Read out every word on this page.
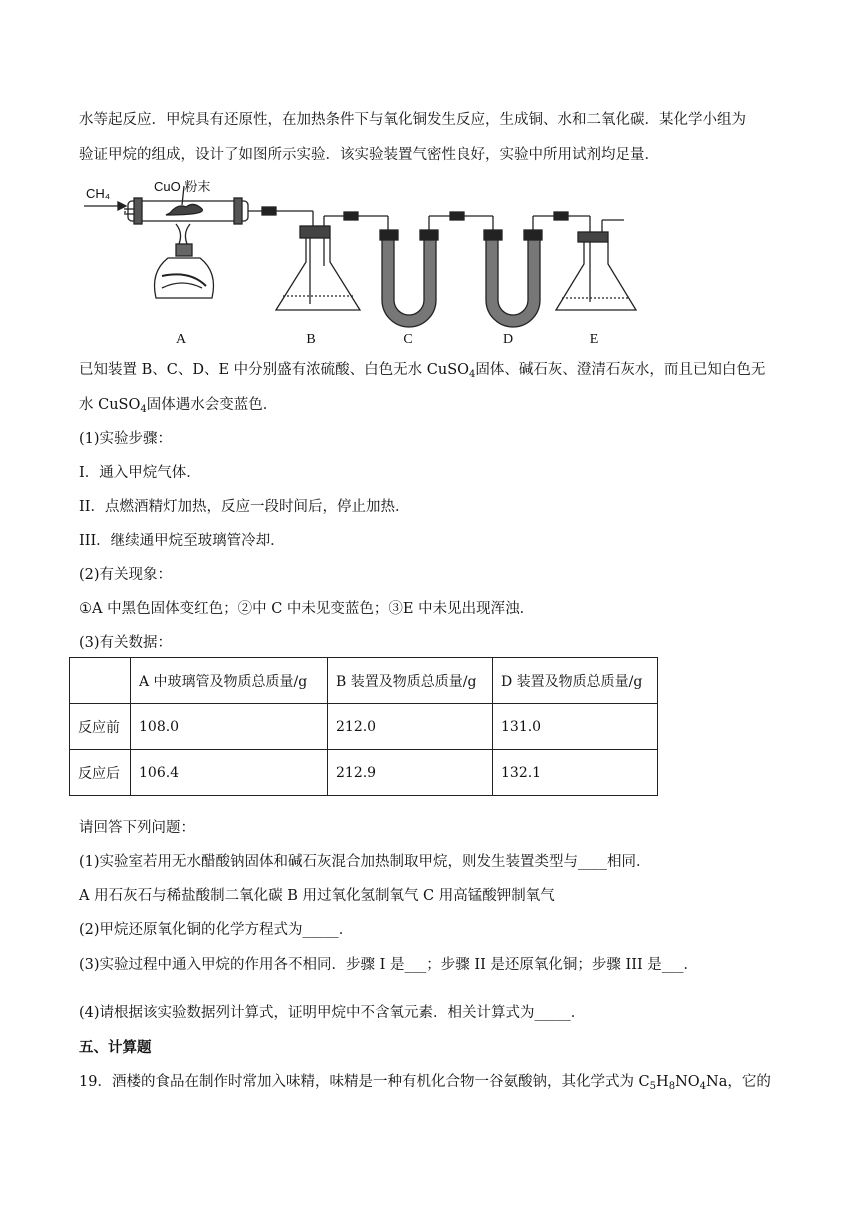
水等起反应．甲烷具有还原性，在加热条件下与氧化铜发生反应，生成铜、水和二氧化碳．某化学小组为
验证甲烷的组成，设计了如图所示实验．该实验装置气密性良好，实验中所用试剂均足量．
CH₄	CuO 粉末
A	B	C	D	E
已知装置 B、C、D、E 中分别盛有浓硫酸、白色无水 CuSO$_4$固体、碱石灰、澄清石灰水，而且已知白色无
水 CuSO$_4$固体遇水会变蓝色．
(1)实验步骤：
I．通入甲烷气体．
II．点燃酒精灯加热，反应一段时间后，停止加热．
III．继续通甲烷至玻璃管冷却．
(2)有关现象：
①A 中黑色固体变红色；②中 C 中未见变蓝色；③E 中未见出现浑浊．
(3)有关数据：
	A 中玻璃管及物质总质量/g	B 装置及物质总质量/g	D 装置及物质总质量/g
反应前	108.0	212.0	131.0
反应后	106.4	212.9	132.1
请回答下列问题：
(1)实验室若用无水醋酸钠固体和碱石灰混合加热制取甲烷，则发生装置类型与____相同．
A 用石灰石与稀盐酸制二氧化碳 B 用过氧化氢制氧气 C 用高锰酸钾制氧气
(2)甲烷还原氧化铜的化学方程式为_____．
(3)实验过程中通入甲烷的作用各不相同．步骤 I 是___；步骤 II 是还原氧化铜；步骤 III 是___．
(4)请根据该实验数据列计算式，证明甲烷中不含氧元素．相关计算式为_____．
五、计算题
19．酒楼的食品在制作时常加入味精，味精是一种有机化合物一谷氨酸钠，其化学式为 $C_5H_8NO_4Na$，它的
